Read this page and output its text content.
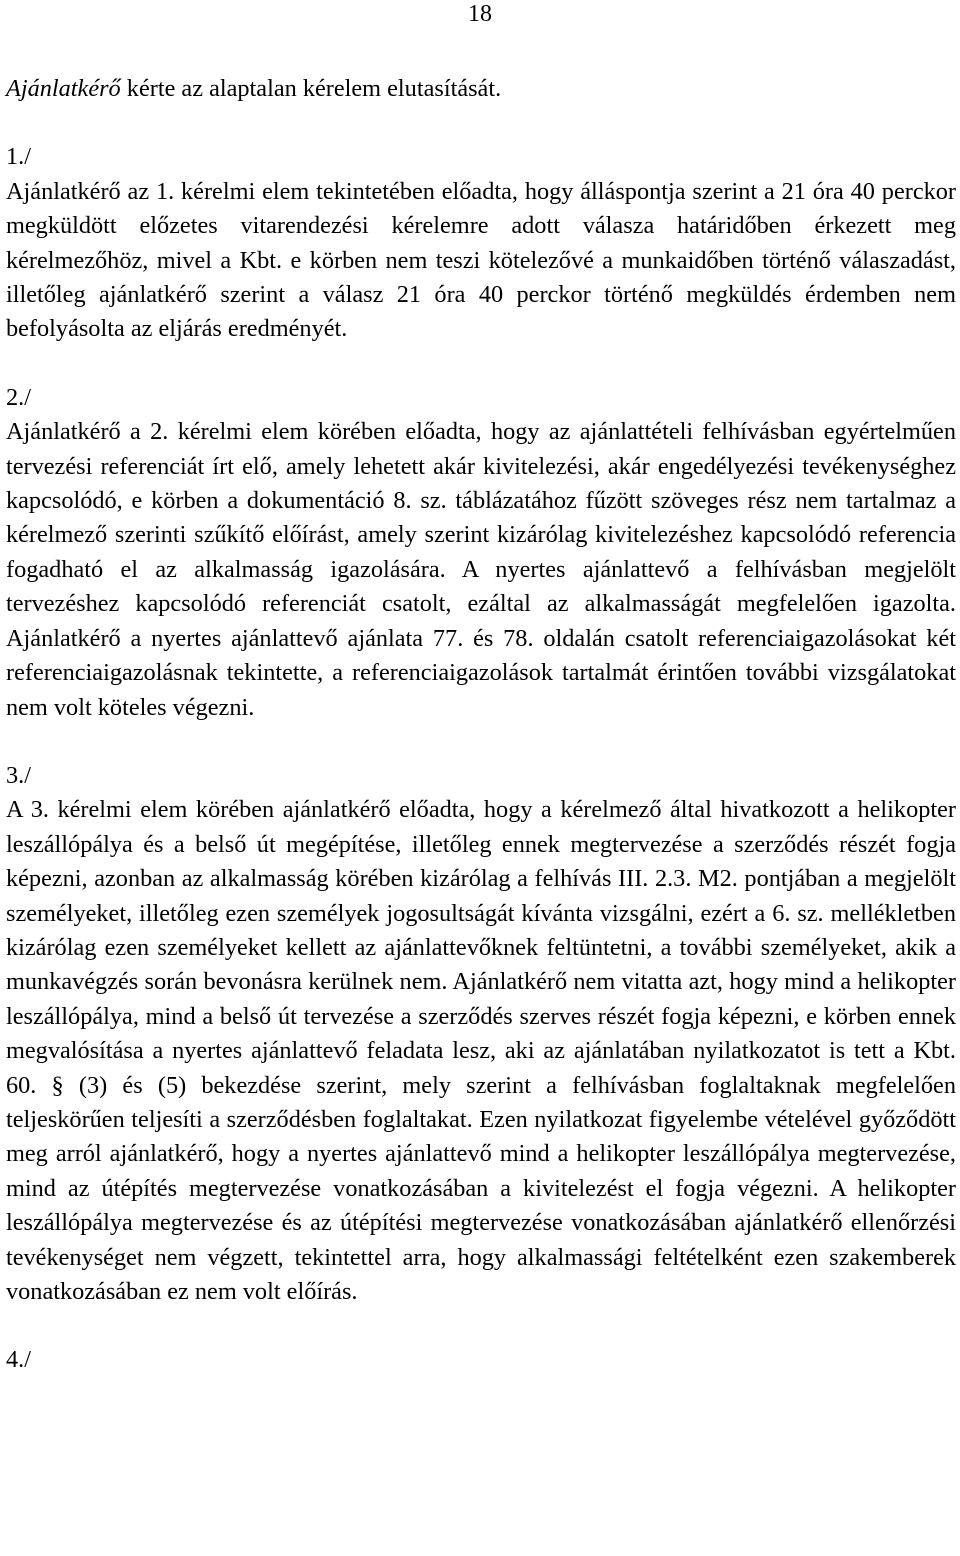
18

Ajánlatkérő kérte az alaptalan kérelem elutasítását.

1./

Ajánlatkérő az 1. kérelmi elem tekintetében előadta, hogy álláspontja szerint a 21 óra 40 perckor megküldött előzetes vitarendezési kérelemre adott válasza határidőben érkezett meg kérelmezőhöz, mivel a Kbt. e körben nem teszi kötelezővé a munkaidőben történő válaszadást, illetőleg ajánlatkérő szerint a válasz 21 óra 40 perckor történő megküldés érdemben nem befolyásolta az eljárás eredményét.

2./

Ajánlatkérő a 2. kérelmi elem körében előadta, hogy az ajánlattételi felhívásban egyértelműen tervezési referenciát írt elő, amely lehetett akár kivitelezési, akár engedélyezési tevékenységhez kapcsolódó, e körben a dokumentáció 8. sz. táblázatához fűzött szöveges rész nem tartalmaz a kérelmező szerinti szűkítő előírást, amely szerint kizárólag kivitelezéshez kapcsolódó referencia fogadható el az alkalmasság igazolására. A nyertes ajánlattevő a felhívásban megjelölt tervezéshez kapcsolódó referenciát csatolt, ezáltal az alkalmasságát megfelelően igazolta. Ajánlatkérő a nyertes ajánlattevő ajánlata 77. és 78. oldalán csatolt referenciaigazolásokat két referenciaigazolásnak tekintette, a referenciaigazolások tartalmát érintően további vizsgálatokat nem volt köteles végezni.

3./

A 3. kérelmi elem körében ajánlatkérő előadta, hogy a kérelmező által hivatkozott a helikopter leszállópálya és a belső út megépítése, illetőleg ennek megtervezése a szerződés részét fogja képezni, azonban az alkalmasság körében kizárólag a felhívás III. 2.3. M2. pontjában a megjelölt személyeket, illetőleg ezen személyek jogosultságát kívánta vizsgálni, ezért a 6. sz. mellékletben kizárólag ezen személyeket kellett az ajánlattevőknek feltüntetni, a további személyeket, akik a munkavégzés során bevonásra kerülnek nem. Ajánlatkérő nem vitatta azt, hogy mind a helikopter leszállópálya, mind a belső út tervezése a szerződés szerves részét fogja képezni, e körben ennek megvalósítása a nyertes ajánlattevő feladata lesz, aki az ajánlatában nyilatkozatot is tett a Kbt. 60. § (3) és (5) bekezdése szerint, mely szerint a felhívásban foglaltaknak megfelelően teljeskörűen teljesíti a szerződésben foglaltakat. Ezen nyilatkozat figyelembe vételével győződött meg arról ajánlatkérő, hogy a nyertes ajánlattevő mind a helikopter leszállópálya megtervezése, mind az útépítés megtervezése vonatkozásában a kivitelezést el fogja végezni. A helikopter leszállópálya megtervezése és az útépítési megtervezése vonatkozásában ajánlatkérő ellenőrzési tevékenységet nem végzett, tekintettel arra, hogy alkalmassági feltételként ezen szakemberek vonatkozásában ez nem volt előírás.

4./
